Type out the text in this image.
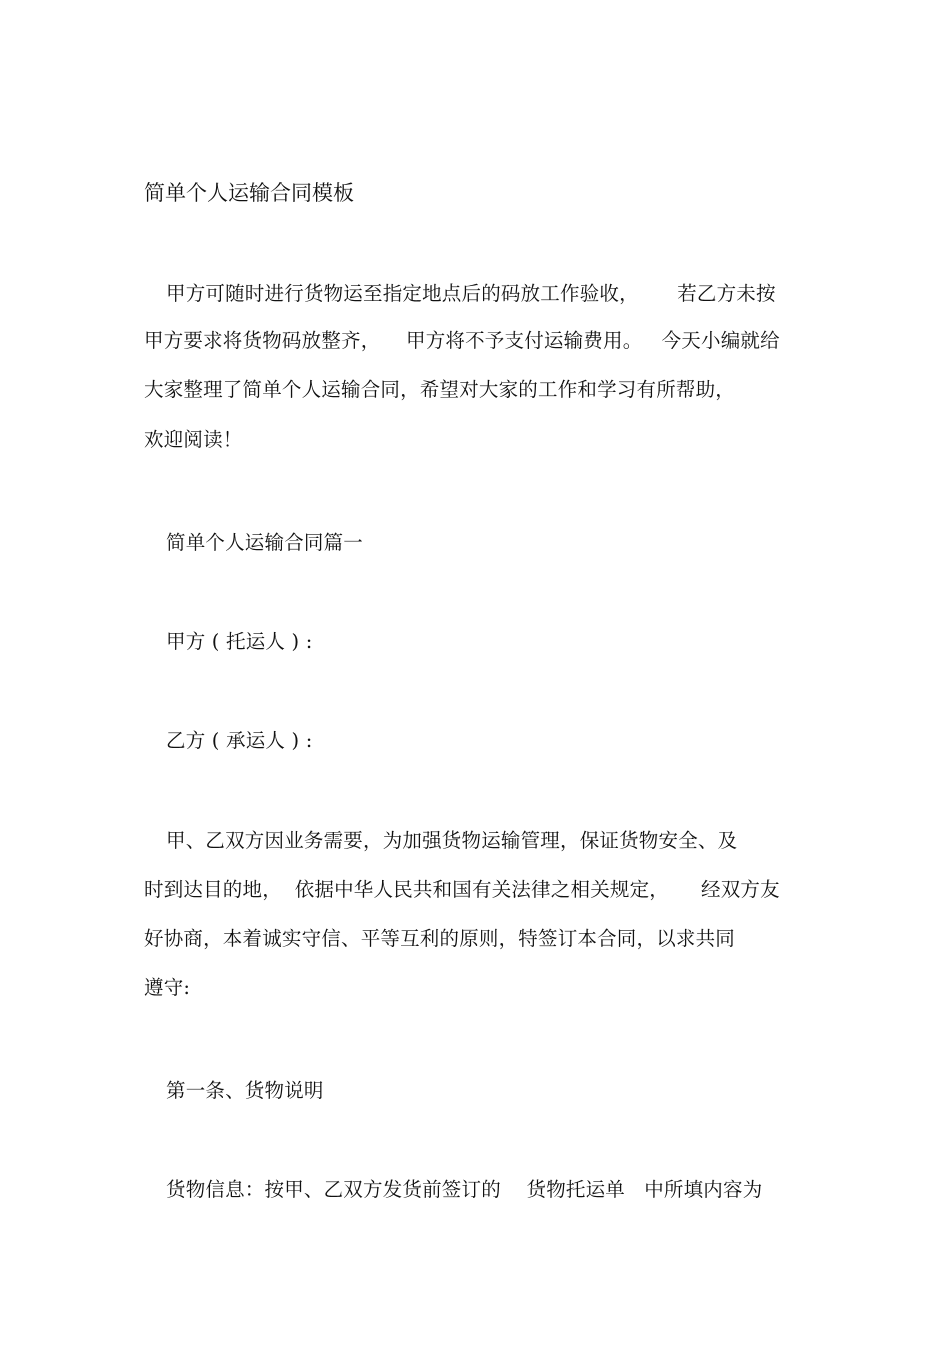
简单个人运输合同模板
甲方可随时进行货物运至指定地点后的码放工作验收，      若乙方未按
甲方要求将货物码放整齐，    甲方将不予支付运输费用。   今天小编就给
大家整理了简单个人运输合同，希望对大家的工作和学习有所帮助，
欢迎阅读！
简单个人运输合同篇一
甲方 ( 托运人 ) :
乙方 ( 承运人 ) :
甲、乙双方因业务需要，为加强货物运输管理，保证货物安全、及
时到达目的地，  依据中华人民共和国有关法律之相关规定，     经双方友
好协商，本着诚实守信、平等互利的原则，特签订本合同，以求共同
遵守:
第一条、货物说明
货物信息：按甲、乙双方发货前签订的    货物托运单   中所填内容为
